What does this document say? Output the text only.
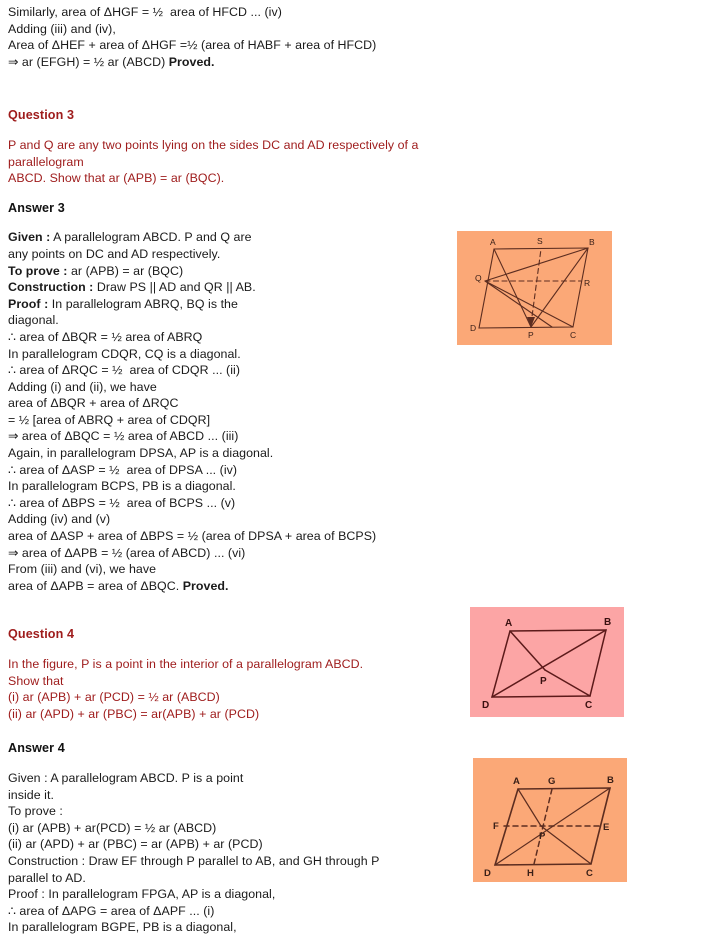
Similarly, area of ΔHGF = ½  area of HFCD ... (iv)
Adding (iii) and (iv),
Area of ΔHEF + area of ΔHGF =½ (area of HABF + area of HFCD)
⇒ ar (EFGH) = ½ ar (ABCD) Proved.
Question 3
P and Q are any two points lying on the sides DC and AD respectively of a parallelogram
ABCD. Show that ar (APB) = ar (BQC).
Answer 3
Given : A parallelogram ABCD. P and Q are
any points on DC and AD respectively.
To prove : ar (APB) = ar (BQC)
Construction : Draw PS || AD and QR || AB.
Proof : In parallelogram ABRQ, BQ is the
diagonal.
∴ area of ΔBQR = ½ area of ABRQ
In parallelogram CDQR, CQ is a diagonal.
∴ area of ΔRQC = ½  area of CDQR ... (ii)
Adding (i) and (ii), we have
area of ΔBQR + area of ΔRQC
= ½ [area of ABRQ + area of CDQR]
⇒ area of ΔBQC = ½ area of ABCD ... (iii)
Again, in parallelogram DPSA, AP is a diagonal.
∴ area of ΔASP = ½  area of DPSA ... (iv)
In parallelogram BCPS, PB is a diagonal.
∴ area of ΔBPS = ½  area of BCPS ... (v)
Adding (iv) and (v)
area of ΔASP + area of ΔBPS = ½ (area of DPSA + area of BCPS)
⇒ area of ΔAPB = ½ (area of ABCD) ... (vi)
From (iii) and (vi), we have
area of ΔAPB = area of ΔBQC. Proved.
Question 4
In the figure, P is a point in the interior of a parallelogram ABCD.
Show that
(i) ar (APB) + ar (PCD) = ½ ar (ABCD)
(ii) ar (APD) + ar (PBC) = ar(APB) + ar (PCD)
Answer 4
Given : A parallelogram ABCD. P is a point
inside it.
To prove :
(i) ar (APB) + ar(PCD) = ½ ar (ABCD)
(ii) ar (APD) + ar (PBC) = ar (APB) + ar (PCD)
Construction : Draw EF through P parallel to AB, and GH through P
parallel to AD.
Proof : In parallelogram FPGA, AP is a diagonal,
∴ area of ΔAPG = area of ΔAPF ... (i)
In parallelogram BGPE, PB is a diagonal,
A	S	B
Q	R
D
P	C
A	B
P
D	C
A	G	B
F
P
E
D	H	C
